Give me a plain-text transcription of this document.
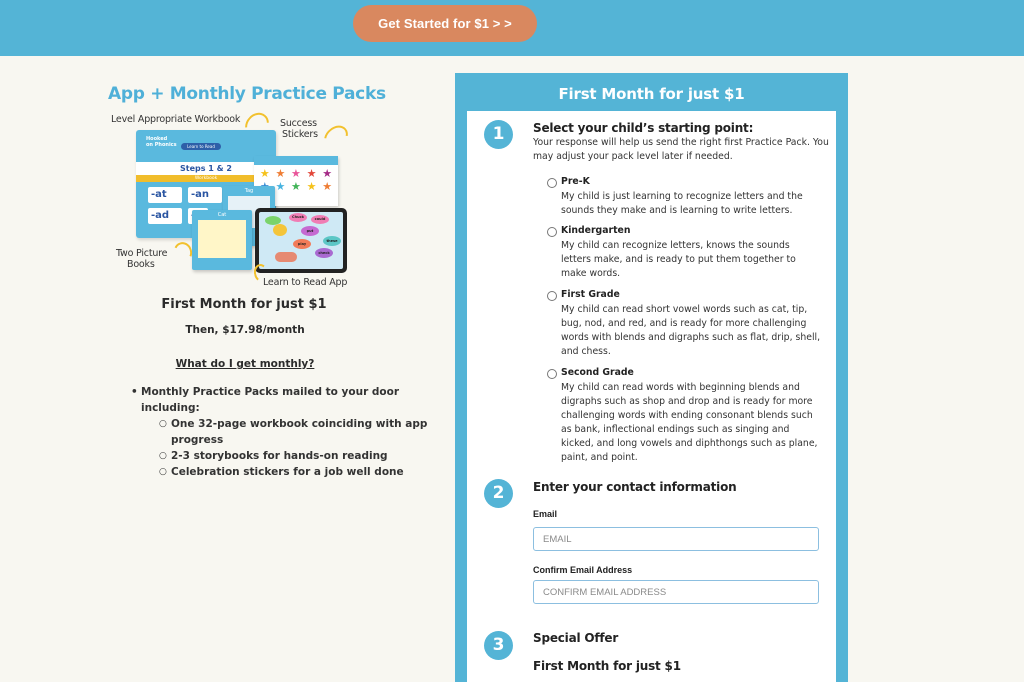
Get Started for $1 > >
App + Monthly Practice Packs
Level Appropriate Workbook	Success
Stickers
Hooked
on Phonics	Learn to Read
Steps 1 & 2
Workbook
-at	-an
-ad
★ ★ ★ ★ ★
★ ★ ★ ★
Tag
Cat	Chuck	could
put
play
these
check
Two Picture
Books
Learn to Read App
First Month for just $1
Then, $17.98/month
What do I get monthly?
• Monthly Practice Packs mailed to your door including:
○ One 32-page workbook coinciding with app progress
○ 2-3 storybooks for hands-on reading
○ Celebration stickers for a job well done
First Month for just $1
1	Select your child’s starting point:
Your response will help us send the right first Practice Pack. You may adjust your pack level later if needed.
Pre-K
My child is just learning to recognize letters and the sounds they make and is learning to write letters.
Kindergarten
My child can recognize letters, knows the sounds letters make, and is ready to put them together to make words.
First Grade
My child can read short vowel words such as cat, tip, bug, nod, and red, and is ready for more challenging words with blends and digraphs such as flat, drip, shell, and chess.
Second Grade
My child can read words with beginning blends and digraphs such as shop and drop and is ready for more challenging words with ending consonant blends such as bank, inflectional endings such as singing and kicked, and long vowels and diphthongs such as plane, paint, and point.
2	Enter your contact information
Email
EMAIL
Confirm Email Address
CONFIRM EMAIL ADDRESS
3	Special Offer
First Month for just $1
